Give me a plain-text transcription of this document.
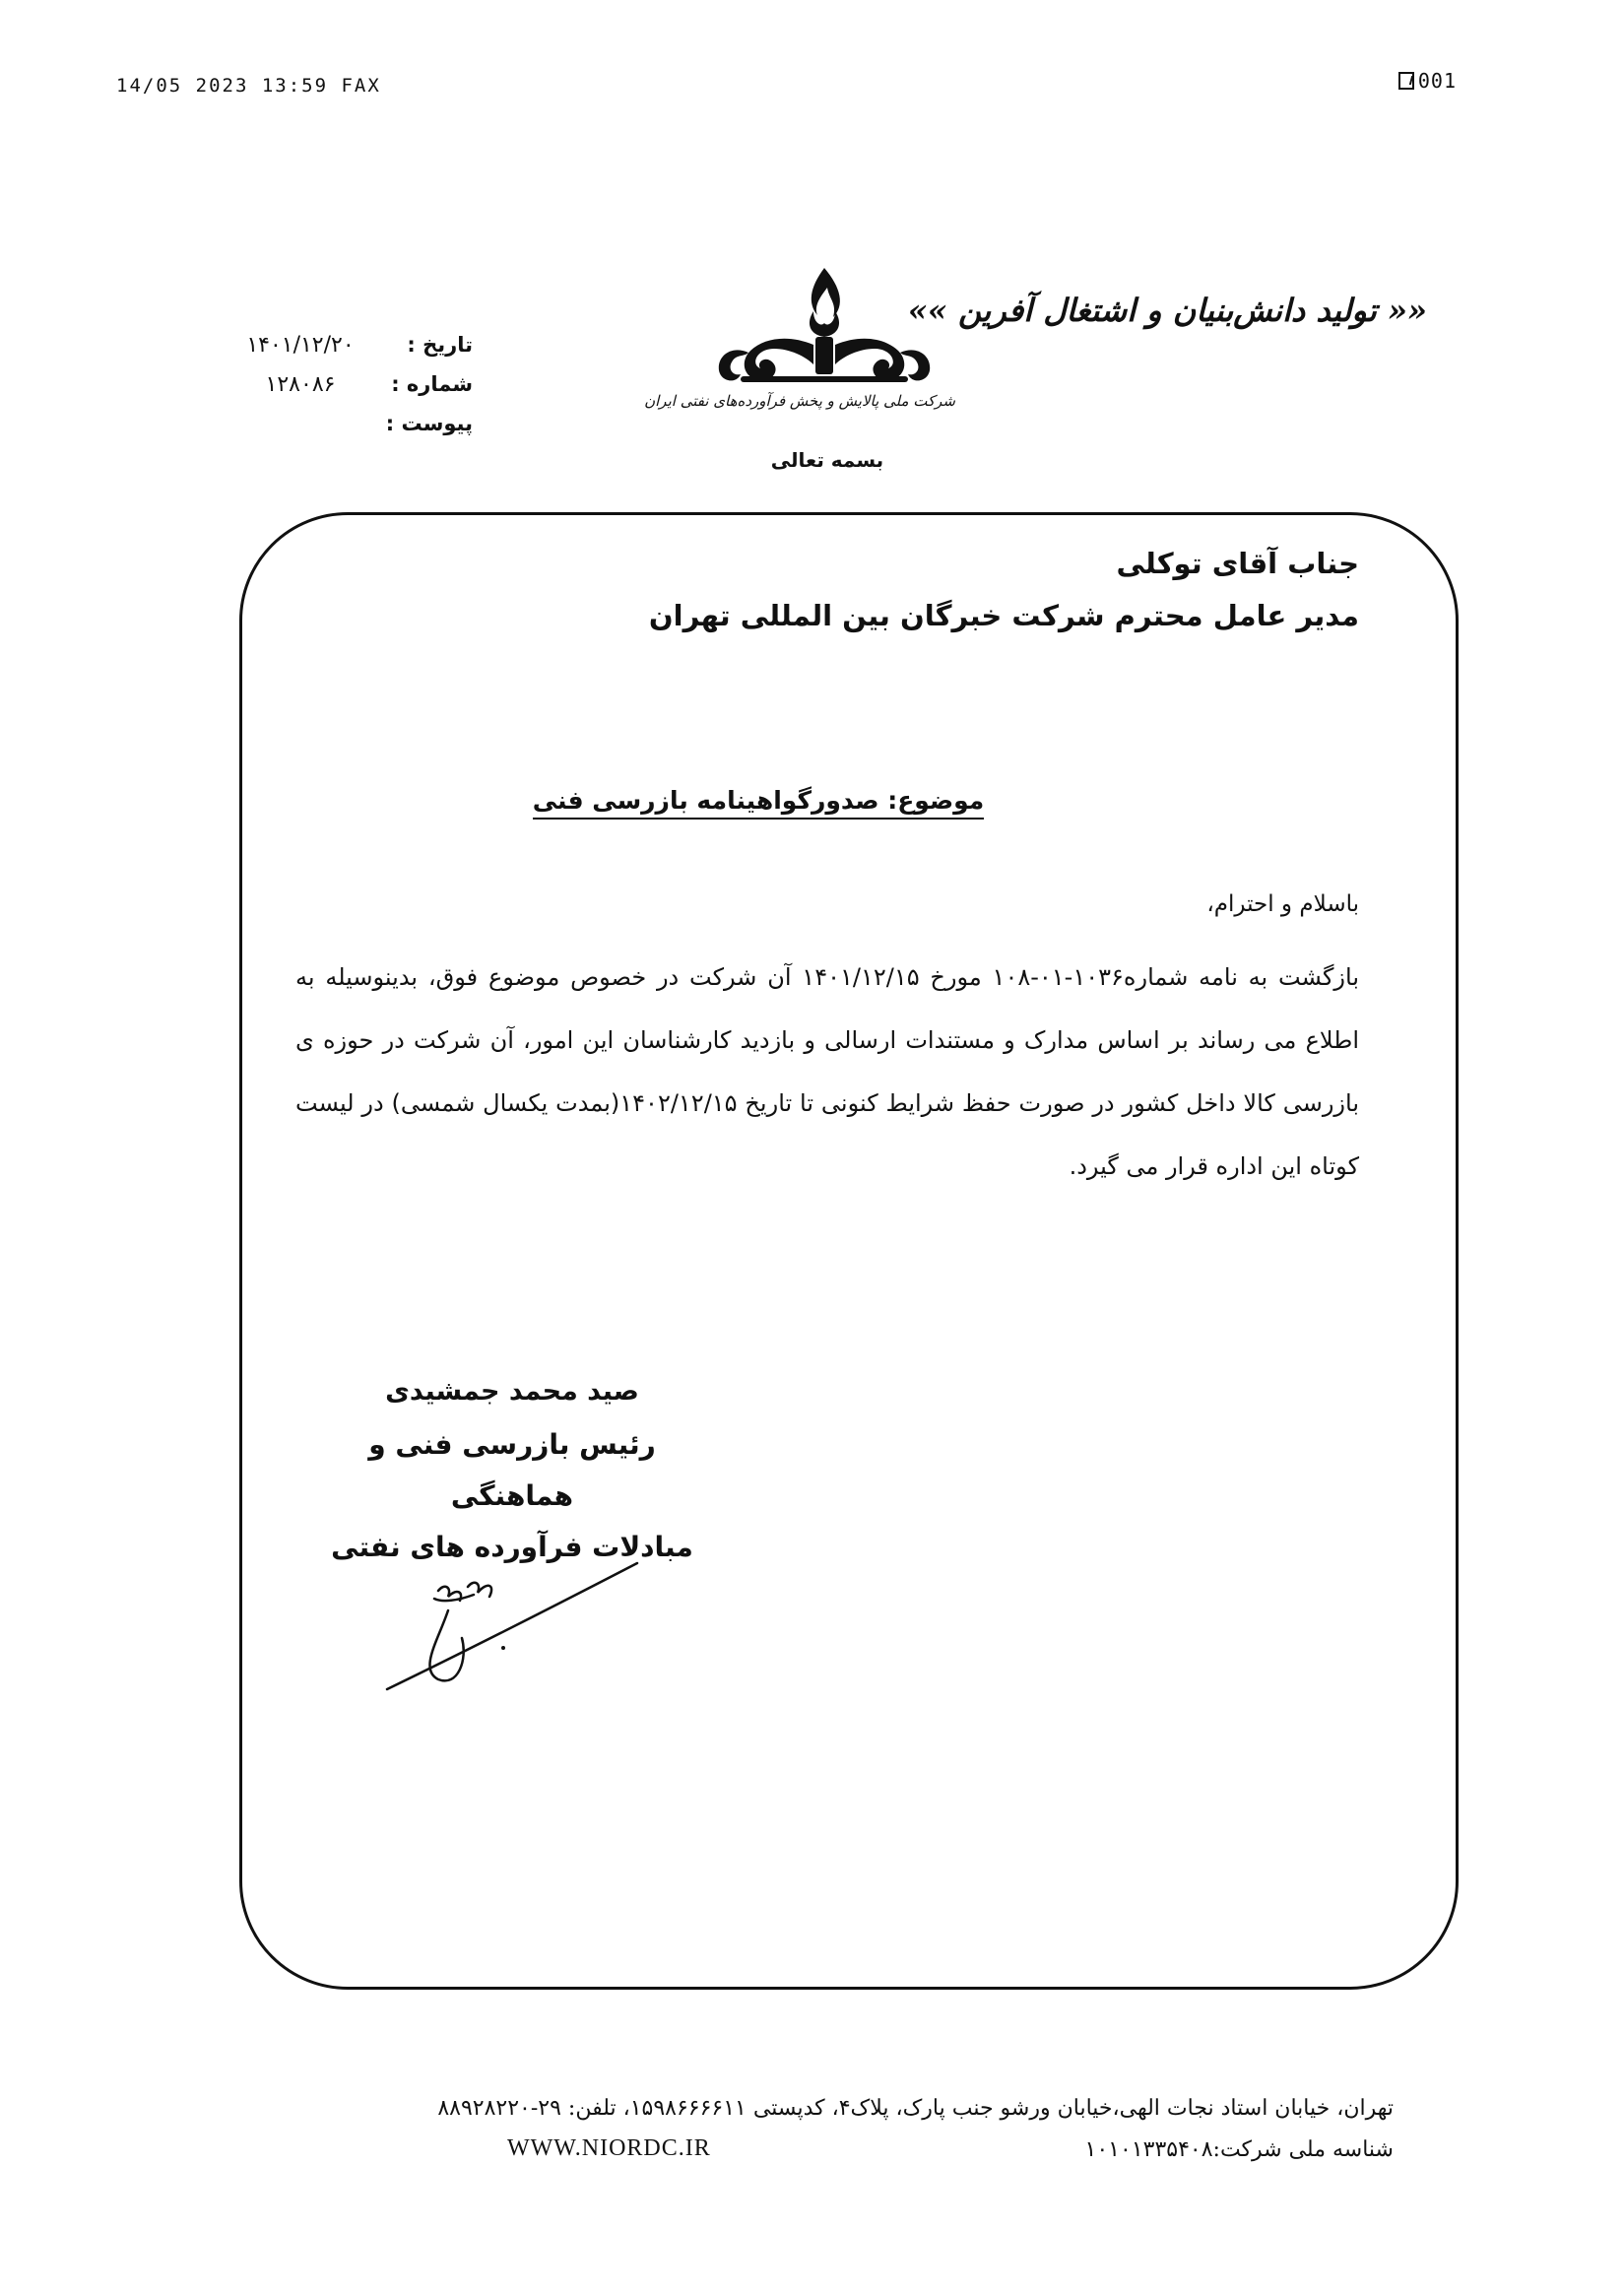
14/05 2023 13:59 FAX	001
«« تولید دانش‌بنیان و اشتغال آفرین »»
شرکت ملی پالایش و پخش فرآورده‌های نفتی ایران
بسمه تعالی
تاریخ :
۱۴۰۱/۱۲/۲۰
شماره :
۱۲۸۰۸۶
پیوست :
جناب آقای توکلی
مدیر عامل محترم شرکت خبرگان بین المللی تهران
موضوع: صدورگواهینامه بازرسی فنی
باسلام و احترام،
بازگشت به نامه شماره۱۰۳۶-۰۱-۱۰۸ مورخ ۱۴۰۱/۱۲/۱۵ آن شرکت در خصوص موضوع فوق، بدینوسیله به اطلاع می رساند بر اساس مدارک و مستندات ارسالی و بازدید کارشناسان این امور، آن شرکت در حوزه ی بازرسی کالا داخل کشور در صورت حفظ شرایط کنونی تا تاریخ ۱۴۰۲/۱۲/۱۵(بمدت یکسال شمسی) در لیست کوتاه این اداره قرار می گیرد.
صید محمد جمشیدی
رئیس بازرسی فنی و هماهنگی
مبادلات فرآورده های نفتی
تهران، خیابان استاد نجات الهی،خیابان ورشو جنب پارک، پلاک۴، کدپستی ۱۵۹۸۶۶۶۶۱۱، تلفن: ۲۹-۸۸۹۲۸۲۲۰
شناسه ملی شرکت:۱۰۱۰۱۳۳۵۴۰۸
WWW.NIORDC.IR
